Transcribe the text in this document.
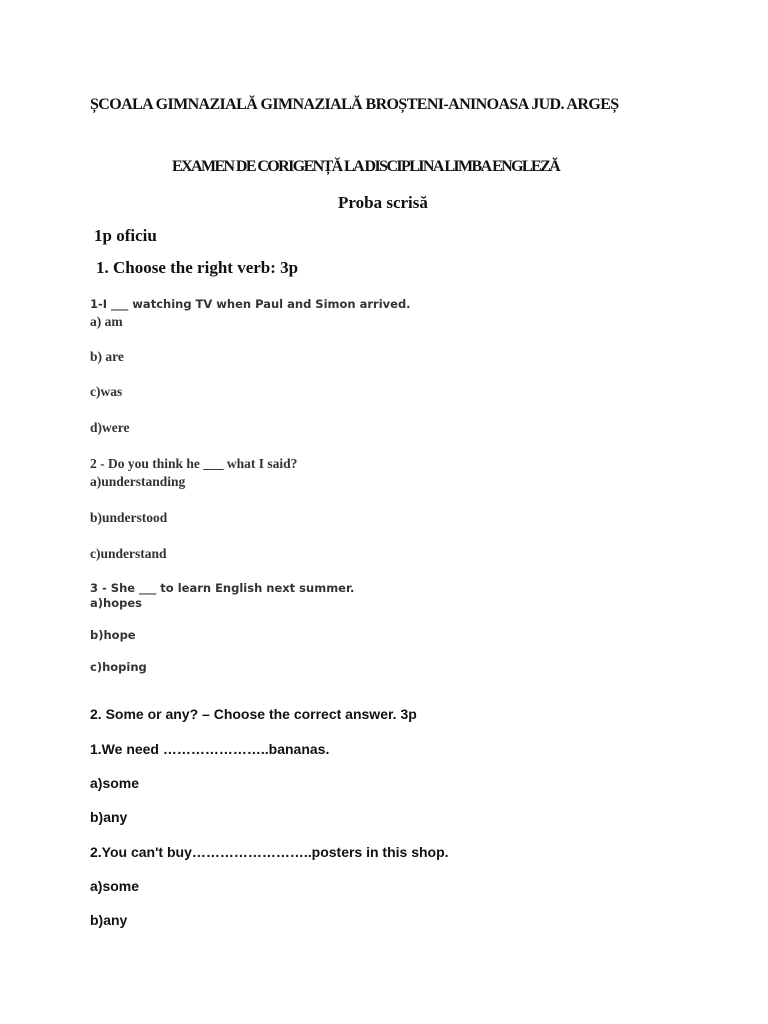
ȘCOALA GIMNAZIALĂ GIMNAZIALĂ BROȘTENI-ANINOASA JUD. ARGEȘ
EXAMEN DE CORIGENȚĂ LA DISCIPLINA LIMBA ENGLEZĂ
Proba scrisă
1p oficiu
1. Choose the right verb: 3p
1-I ___ watching TV when Paul and Simon arrived.
a) am
b) are
c)was
d)were
2 - Do you think he ___ what I said?
a)understanding
b)understood
c)understand
3 - She ___ to learn English next summer.
a)hopes
b)hope
c)hoping
2. Some or any? – Choose the correct answer. 3p
1.We need …………………..bananas.
a)some
b)any
2.You can't buy……………………..posters in this shop.
a)some
b)any
